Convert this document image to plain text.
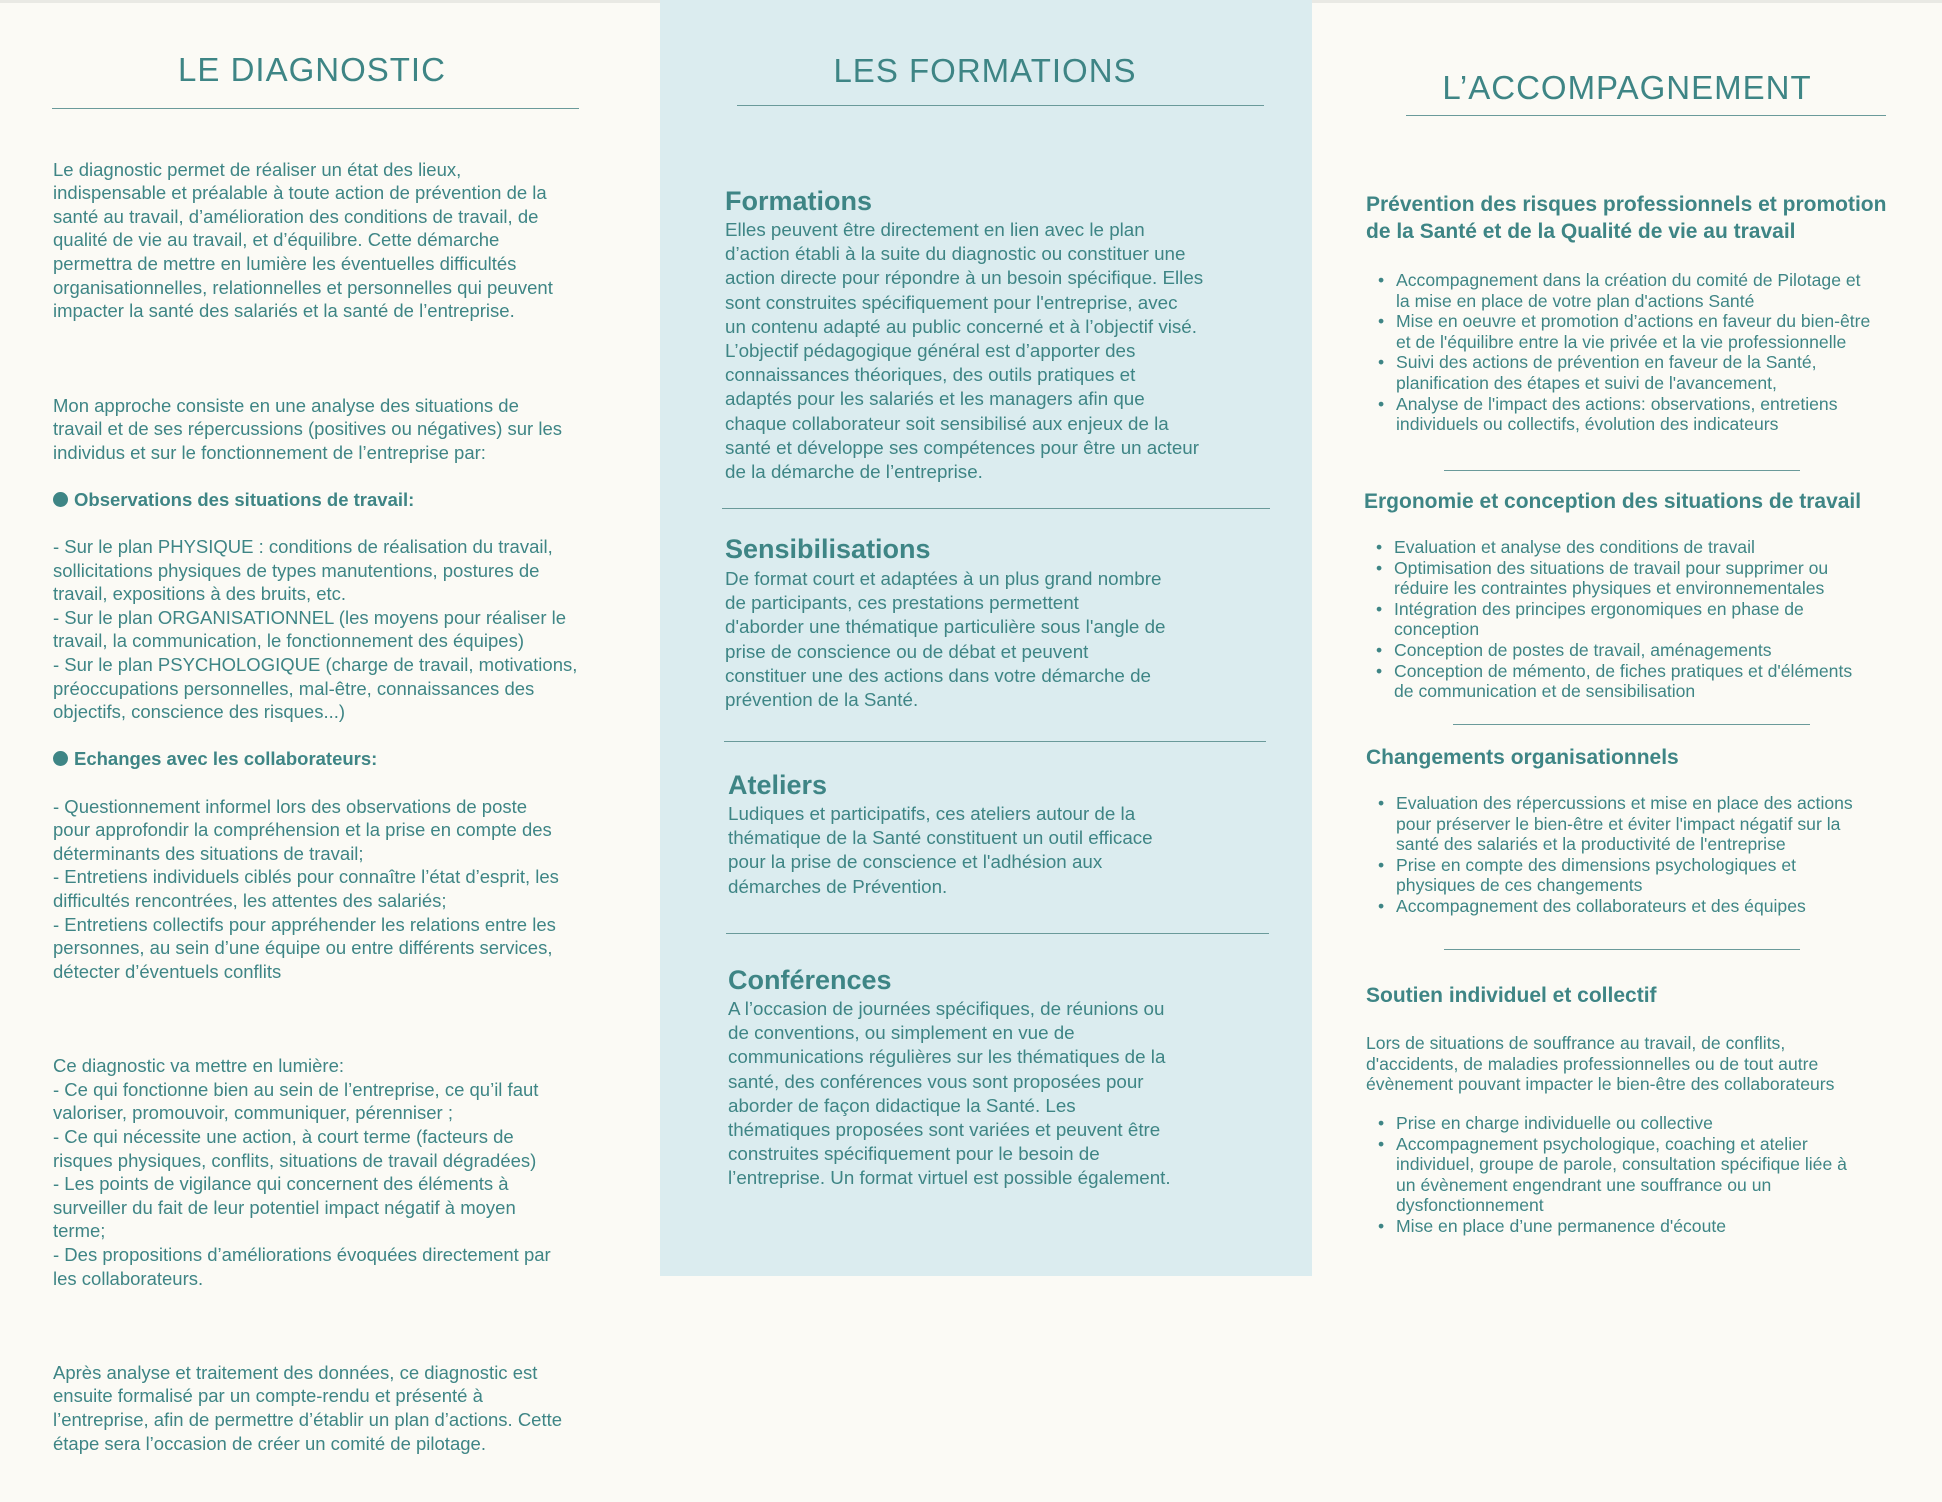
LE DIAGNOSTIC

Le diagnostic permet de réaliser un état des lieux,
indispensable et préalable à toute action de prévention de la
santé au travail, d’amélioration des conditions de travail, de
qualité de vie au travail, et d’équilibre. Cette démarche
permettra de mettre en lumière les éventuelles difficultés
organisationnelles, relationnelles et personnelles qui peuvent
impacter la santé des salariés et la santé de l’entreprise.

Mon approche consiste en une analyse des situations de
travail et de ses répercussions (positives ou négatives) sur les
individus et sur le fonctionnement de l’entreprise par:

Observations des situations de travail:

- Sur le plan PHYSIQUE : conditions de réalisation du travail,
sollicitations physiques de types manutentions, postures de
travail, expositions à des bruits, etc.
- Sur le plan ORGANISATIONNEL (les moyens pour réaliser le
travail, la communication, le fonctionnement des équipes)
- Sur le plan PSYCHOLOGIQUE (charge de travail, motivations,
préoccupations personnelles, mal-être, connaissances des
objectifs, conscience des risques...)

Echanges avec les collaborateurs:

- Questionnement informel lors des observations de poste
pour approfondir la compréhension et la prise en compte des
déterminants des situations de travail;
- Entretiens individuels ciblés pour connaître l’état d’esprit, les
difficultés rencontrées, les attentes des salariés;
- Entretiens collectifs pour appréhender les relations entre les
personnes, au sein d’une équipe ou entre différents services,
détecter d’éventuels conflits

Ce diagnostic va mettre en lumière:
- Ce qui fonctionne bien au sein de l’entreprise, ce qu’il faut
valoriser, promouvoir, communiquer, pérenniser ;
- Ce qui nécessite une action, à court terme (facteurs de
risques physiques, conflits, situations de travail dégradées)
- Les points de vigilance qui concernent des éléments à
surveiller du fait de leur potentiel impact négatif à moyen
terme;
- Des propositions d’améliorations évoquées directement par
les collaborateurs.

Après analyse et traitement des données, ce diagnostic est
ensuite formalisé par un compte-rendu et présenté à
l’entreprise, afin de permettre d’établir un plan d’actions. Cette
étape sera l’occasion de créer un comité de pilotage.

LES FORMATIONS
Formations

Elles peuvent être directement en lien avec le plan
d’action établi à la suite du diagnostic ou constituer une
action directe pour répondre à un besoin spécifique. Elles
sont construites spécifiquement pour l'entreprise, avec
un contenu adapté au public concerné et à l’objectif visé.
L’objectif pédagogique général est d’apporter des
connaissances théoriques, des outils pratiques et
adaptés pour les salariés et les managers afin que
chaque collaborateur soit sensibilisé aux enjeux de la
santé et développe ses compétences pour être un acteur
de la démarche de l’entreprise.

Sensibilisations

De format court et adaptées à un plus grand nombre
de participants, ces prestations permettent
d'aborder une thématique particulière sous l'angle de
prise de conscience ou de débat et peuvent
constituer une des actions dans votre démarche de
prévention de la Santé.

Ateliers

Ludiques et participatifs, ces ateliers autour de la
thématique de la Santé constituent un outil efficace
pour la prise de conscience et l'adhésion aux
démarches de Prévention.

Conférences

A l’occasion de journées spécifiques, de réunions ou
de conventions, ou simplement en vue de
communications régulières sur les thématiques de la
santé, des conférences vous sont proposées pour
aborder de façon didactique la Santé. Les
thématiques proposées sont variées et peuvent être
construites spécifiquement pour le besoin de
l’entreprise. Un format virtuel est possible également.

L’ACCOMPAGNEMENT
Prévention des risques professionnels et promotion
de la Santé et de la Qualité de vie au travail
• Accompagnement dans la création du comité de Pilotage et
la mise en place de votre plan d'actions Santé
• Mise en oeuvre et promotion d’actions en faveur du bien-être
et de l'équilibre entre la vie privée et la vie professionnelle
• Suivi des actions de prévention en faveur de la Santé,
planification des étapes et suivi de l'avancement,
• Analyse de l'impact des actions: observations, entretiens
individuels ou collectifs, évolution des indicateurs
Ergonomie et conception des situations de travail
• Evaluation et analyse des conditions de travail
• Optimisation des situations de travail pour supprimer ou
réduire les contraintes physiques et environnementales
• Intégration des principes ergonomiques en phase de
conception
• Conception de postes de travail, aménagements
• Conception de mémento, de fiches pratiques et d'éléments
de communication et de sensibilisation
Changements organisationnels
• Evaluation des répercussions et mise en place des actions
pour préserver le bien-être et éviter l'impact négatif sur la
santé des salariés et la productivité de l'entreprise
• Prise en compte des dimensions psychologiques et
physiques de ces changements
• Accompagnement des collaborateurs et des équipes
Soutien individuel et collectif

Lors de situations de souffrance au travail, de conflits,
d'accidents, de maladies professionnelles ou de tout autre
évènement pouvant impacter le bien-être des collaborateurs

• Prise en charge individuelle ou collective
• Accompagnement psychologique, coaching et atelier
individuel, groupe de parole, consultation spécifique liée à
un évènement engendrant une souffrance ou un
dysfonctionnement
• Mise en place d’une permanence d'écoute
